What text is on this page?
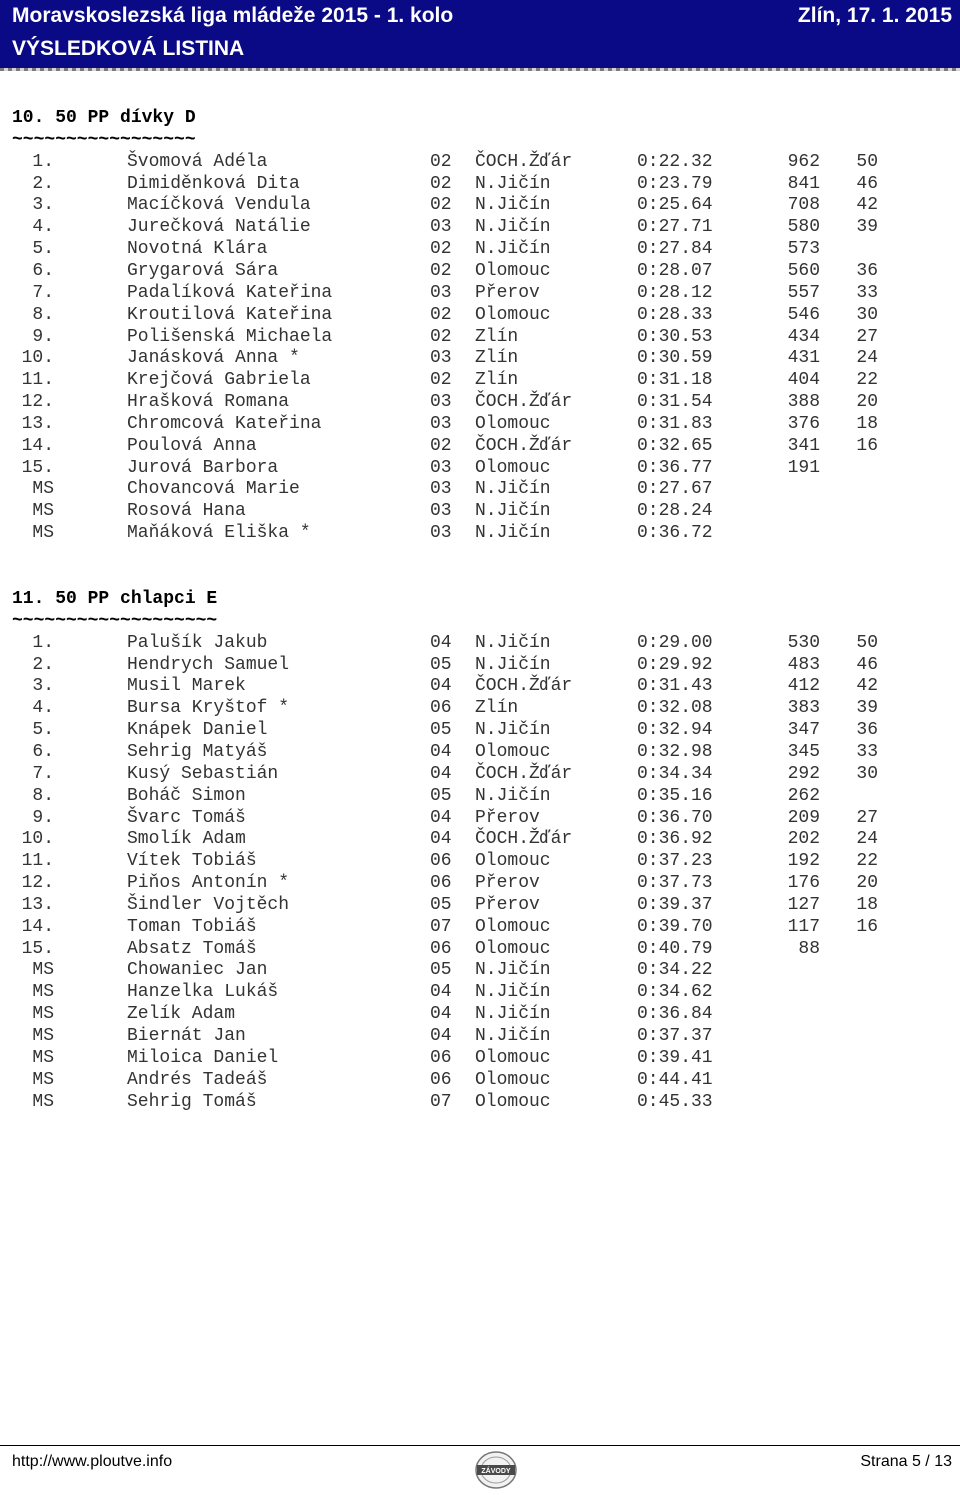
Moravskoslezská liga mládeže 2015 - 1. kolo	Zlín, 17. 1. 2015
VÝSLEDKOVÁ LISTINA
10. 50 PP dívky D
~~~~~~~~~~~~~~~~~
1.	Švomová Adéla	02 ČOCH.Žďár	0:22.32	962 50
2.	Dimiděnková Dita	02 N.Jičín	0:23.79	841 46
3.	Macíčková Vendula	02 N.Jičín	0:25.64	708 42
4.	Jurečková Natálie	03 N.Jičín	0:27.71	580 39
5.	Novotná Klára	02 N.Jičín	0:27.84	573
6.	Grygarová Sára	02 Olomouc	0:28.07	560 36
7.	Padalíková Kateřina	03 Přerov	0:28.12	557 33
8.	Kroutilová Kateřina	02 Olomouc	0:28.33	546 30
9.	Polišenská Michaela	02 Zlín	0:30.53	434 27
10.	Janásková Anna *	03 Zlín	0:30.59	431 24
11.	Krejčová Gabriela	02 Zlín	0:31.18	404 22
12.	Hrašková Romana	03 ČOCH.Žďár	0:31.54	388 20
13.	Chromcová Kateřina	03 Olomouc	0:31.83	376 18
14.	Poulová Anna	02 ČOCH.Žďár	0:32.65	341 16
15.	Jurová Barbora	03 Olomouc	0:36.77	191
MS	Chovancová Marie	03 N.Jičín	0:27.67
MS	Rosová Hana	03 N.Jičín	0:28.24
MS	Maňáková Eliška *	03 N.Jičín	0:36.72
11. 50 PP chlapci E
~~~~~~~~~~~~~~~~~~~
1.	Palušík Jakub	04 N.Jičín	0:29.00	530 50
2.	Hendrych Samuel	05 N.Jičín	0:29.92	483 46
3.	Musil Marek	04 ČOCH.Žďár	0:31.43	412 42
4.	Bursa Kryštof *	06 Zlín	0:32.08	383 39
5.	Knápek Daniel	05 N.Jičín	0:32.94	347 36
6.	Sehrig Matyáš	04 Olomouc	0:32.98	345 33
7.	Kusý Sebastián	04 ČOCH.Žďár	0:34.34	292 30
8.	Boháč Simon	05 N.Jičín	0:35.16	262
9.	Švarc Tomáš	04 Přerov	0:36.70	209 27
10.	Smolík Adam	04 ČOCH.Žďár	0:36.92	202 24
11.	Vítek Tobiáš	06 Olomouc	0:37.23	192 22
12.	Piňos Antonín *	06 Přerov	0:37.73	176 20
13.	Šindler Vojtěch	05 Přerov	0:39.37	127 18
14.	Toman Tobiáš	07 Olomouc	0:39.70	117 16
15.	Absatz Tomáš	06 Olomouc	0:40.79	88
MS	Chowaniec Jan	05 N.Jičín	0:34.22
MS	Hanzelka Lukáš	04 N.Jičín	0:34.62
MS	Zelík Adam	04 N.Jičín	0:36.84
MS	Biernát Jan	04 N.Jičín	0:37.37
MS	Miloica Daniel	06 Olomouc	0:39.41
MS	Andrés Tadeáš	06 Olomouc	0:44.41
MS	Sehrig Tomáš	07 Olomouc	0:45.33
http://www.ploutve.info
ZÁVODY
Strana 5 / 13
